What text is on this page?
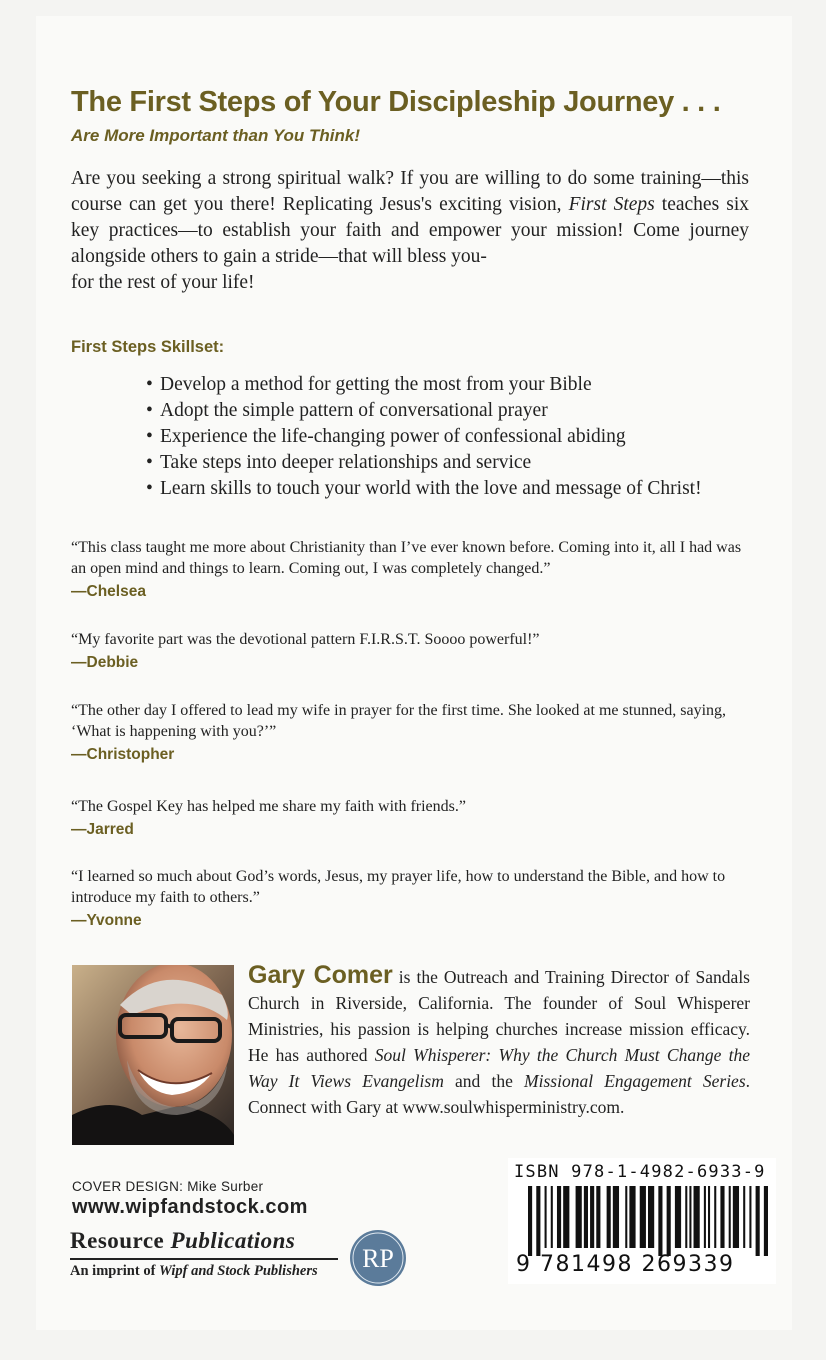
The First Steps of Your Discipleship Journey . . .
Are More Important than You Think!
Are you seeking a strong spiritual walk? If you are willing to do some training—this course can get you there! Replicating Jesus's exciting vision, First Steps teaches six key practices—to establish your faith and empower your mission! Come journey alongside others to gain a stride—that will bless you-
for the rest of your life!
First Steps Skillset:
• Develop a method for getting the most from your Bible
• Adopt the simple pattern of conversational prayer
• Experience the life-changing power of confessional abiding
• Take steps into deeper relationships and service
• Learn skills to touch your world with the love and message of Christ!
“This class taught me more about Christianity than I’ve ever known before. Coming into it, all I had was an open mind and things to learn. Coming out, I was completely changed.”
—Chelsea
“My favorite part was the devotional pattern F.I.R.S.T. Soooo powerful!”
—Debbie
“The other day I offered to lead my wife in prayer for the first time. She looked at me stunned, saying, ‘What is happening with you?’”
—Christopher
“The Gospel Key has helped me share my faith with friends.”
—Jarred
“I learned so much about God’s words, Jesus, my prayer life, how to understand the Bible, and how to introduce my faith to others.”
—Yvonne
Gary Comer is the Outreach and Training Director of Sandals Church in Riverside, California. The founder of Soul Whisperer Ministries, his passion is helping churches increase mission efficacy. He has authored Soul Whisperer: Why the Church Must Change the Way It Views Evangelism and the Missional Engagement Series. Connect with Gary at www.soulwhisperministry.com.
COVER DESIGN: Mike Surber
www.wipfandstock.com
Resource Publications
An imprint of Wipf and Stock Publishers RP
ISBN 978-1-4982-6933-9
9 781498 269339
